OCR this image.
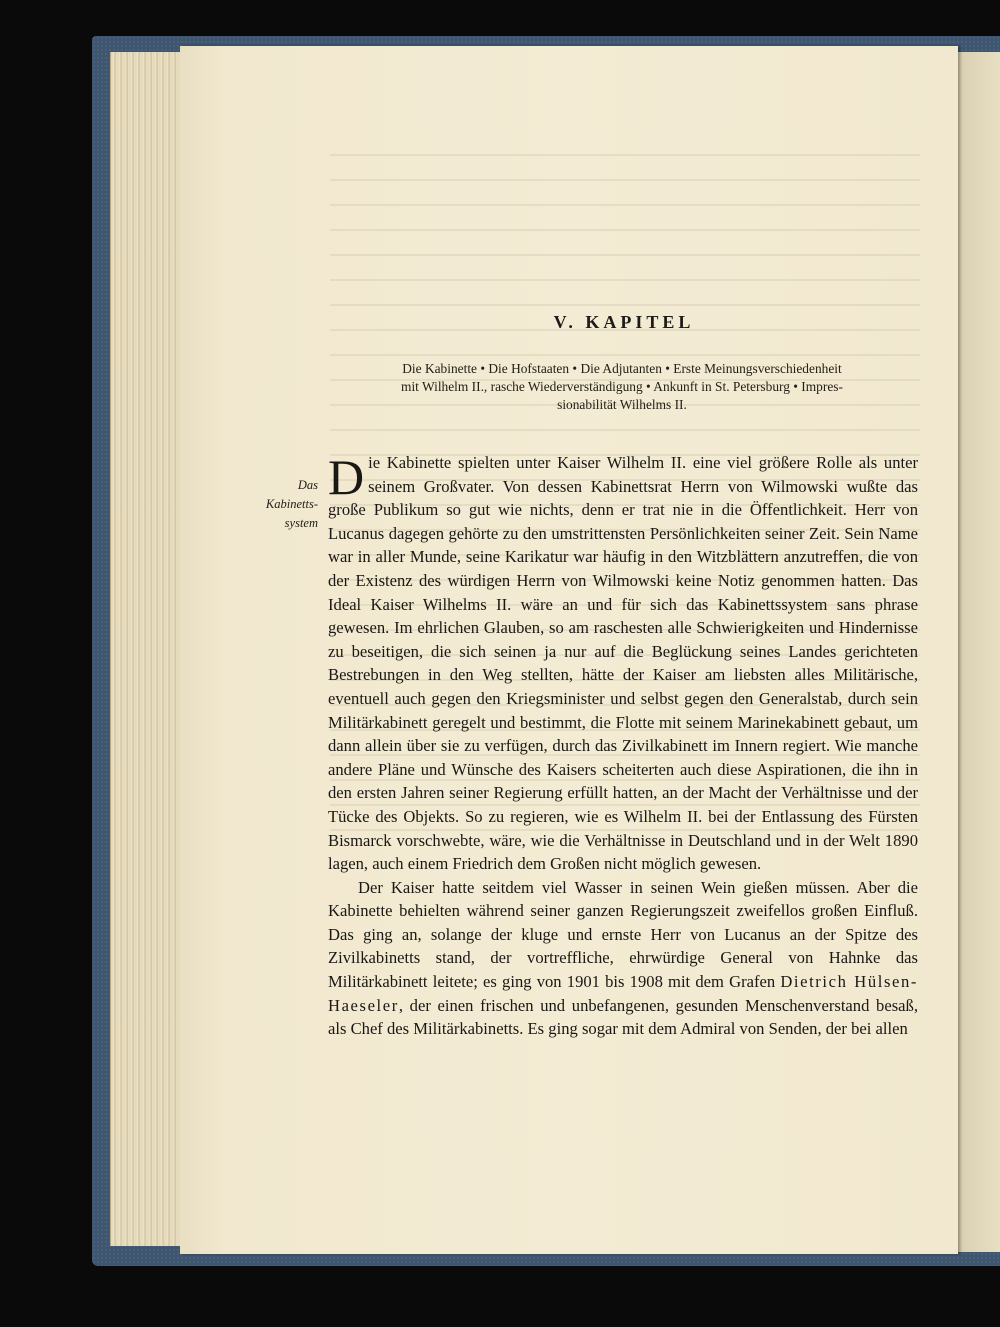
V. KAPITEL

Die Kabinette • Die Hofstaaten • Die Adjutanten • Erste Meinungsverschiedenheit
mit Wilhelm II., rasche Wiederverständigung • Ankunft in St. Petersburg • Impres-
sionabilität Wilhelms II.

Das
Kabinetts-
system

Die Kabinette spielten unter Kaiser Wilhelm II. eine viel größere Rolle als unter seinem Großvater. Von dessen Kabinettsrat Herrn von Wilmowski wußte das große Publikum so gut wie nichts, denn er trat nie in die Öffentlichkeit. Herr von Lucanus dagegen gehörte zu den umstrittensten Persönlichkeiten seiner Zeit. Sein Name war in aller Munde, seine Karikatur war häufig in den Witzblättern anzutreffen, die von der Existenz des würdigen Herrn von Wilmowski keine Notiz genommen hatten. Das Ideal Kaiser Wilhelms II. wäre an und für sich das Kabinettssystem sans phrase gewesen. Im ehrlichen Glauben, so am raschesten alle Schwierigkeiten und Hindernisse zu beseitigen, die sich seinen ja nur auf die Beglückung seines Landes gerichteten Bestrebungen in den Weg stellten, hätte der Kaiser am liebsten alles Militärische, eventuell auch gegen den Kriegsminister und selbst gegen den Generalstab, durch sein Militärkabinett geregelt und bestimmt, die Flotte mit seinem Marinekabinett gebaut, um dann allein über sie zu verfügen, durch das Zivilkabinett im Innern regiert. Wie manche andere Pläne und Wünsche des Kaisers scheiterten auch diese Aspirationen, die ihn in den ersten Jahren seiner Regierung erfüllt hatten, an der Macht der Verhältnisse und der Tücke des Objekts. So zu regieren, wie es Wilhelm II. bei der Entlassung des Fürsten Bismarck vorschwebte, wäre, wie die Verhältnisse in Deutschland und in der Welt 1890 lagen, auch einem Friedrich dem Großen nicht möglich gewesen.

Der Kaiser hatte seitdem viel Wasser in seinen Wein gießen müssen. Aber die Kabinette behielten während seiner ganzen Regierungszeit zweifellos großen Einfluß. Das ging an, solange der kluge und ernste Herr von Lucanus an der Spitze des Zivilkabinetts stand, der vortreffliche, ehrwürdige General von Hahnke das Militärkabinett leitete; es ging von 1901 bis 1908 mit dem Grafen Dietrich Hülsen-Haeseler, der einen frischen und unbefangenen, gesunden Menschenverstand besaß, als Chef des Militärkabinetts. Es ging sogar mit dem Admiral von Senden, der bei allen
